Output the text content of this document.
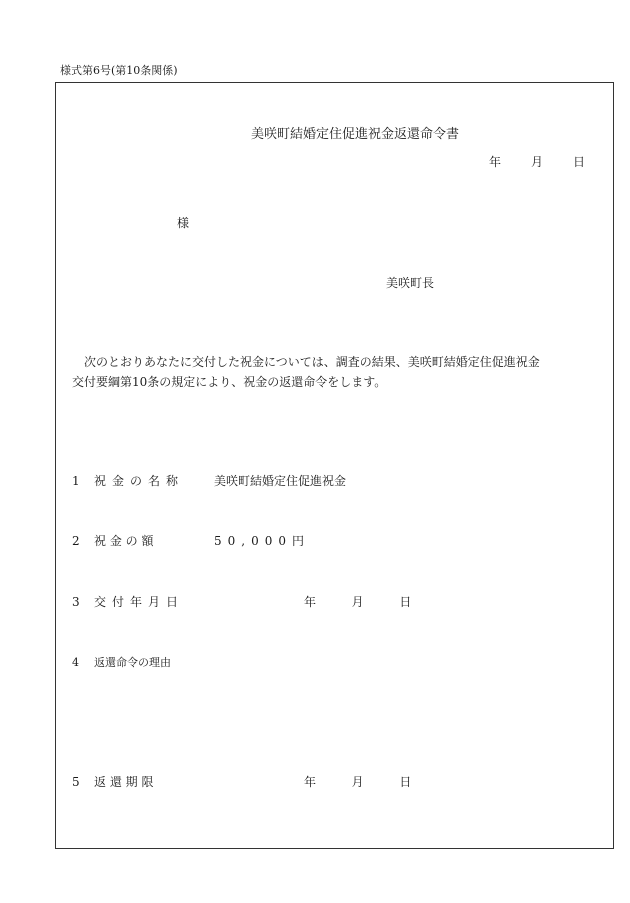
様式第6号(第10条関係)
美咲町結婚定住促進祝金返還命令書
年	月	日
様
美咲町長
　次のとおりあなたに交付した祝金については、調査の結果、美咲町結婚定住促進祝金
交付要綱第10条の規定により、祝金の返還命令をします。
1	祝金の名称	美咲町結婚定住促進祝金
2	祝 金 の 額	50,000円
3	交付年月日	年	月	日
4	返還命令の理由
5	返 還 期 限	年	月	日
